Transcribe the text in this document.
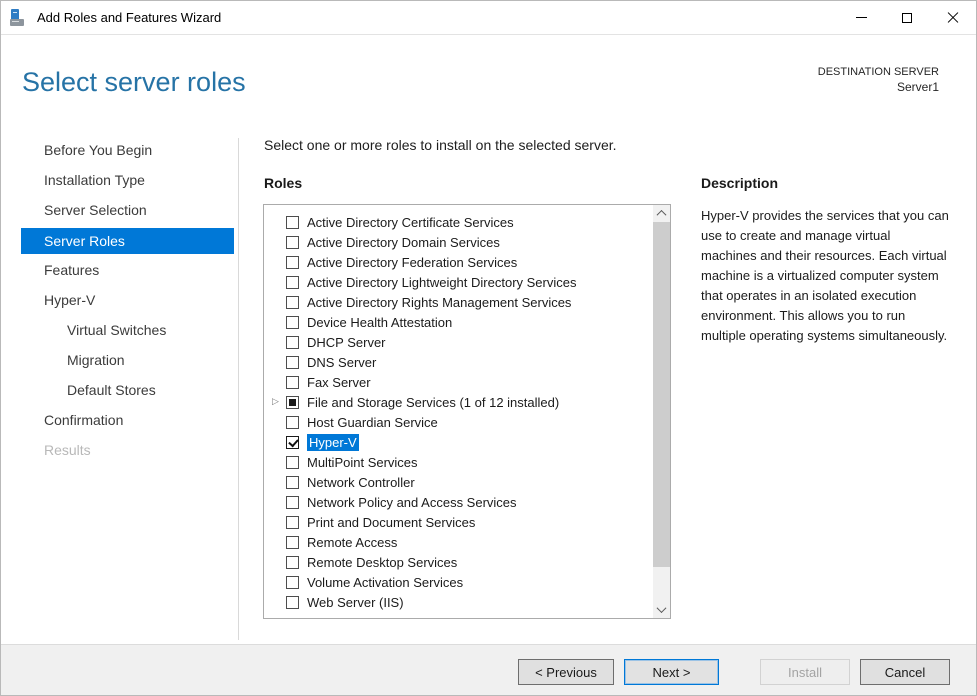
Add Roles and Features Wizard
Select server roles	DESTINATION SERVER
Server1
Before You Begin
Installation Type
Server Selection
Server Roles
Features
Hyper-V
Virtual Switches
Migration
Default Stores
Confirmation
Results
Select one or more roles to install on the selected server.
Roles
Active Directory Certificate Services
Active Directory Domain Services
Active Directory Federation Services
Active Directory Lightweight Directory Services
Active Directory Rights Management Services
Device Health Attestation
DHCP Server
DNS Server
Fax Server
▷	File and Storage Services (1 of 12 installed)
Host Guardian Service
Hyper-V
MultiPoint Services
Network Controller
Network Policy and Access Services
Print and Document Services
Remote Access
Remote Desktop Services
Volume Activation Services
Web Server (IIS)
Description
Hyper-V provides the services that you can use to create and manage virtual machines and their resources. Each virtual machine is a virtualized computer system that operates in an isolated execution environment. This allows you to run multiple operating systems simultaneously.
< Previous	Next >	Install	Cancel
